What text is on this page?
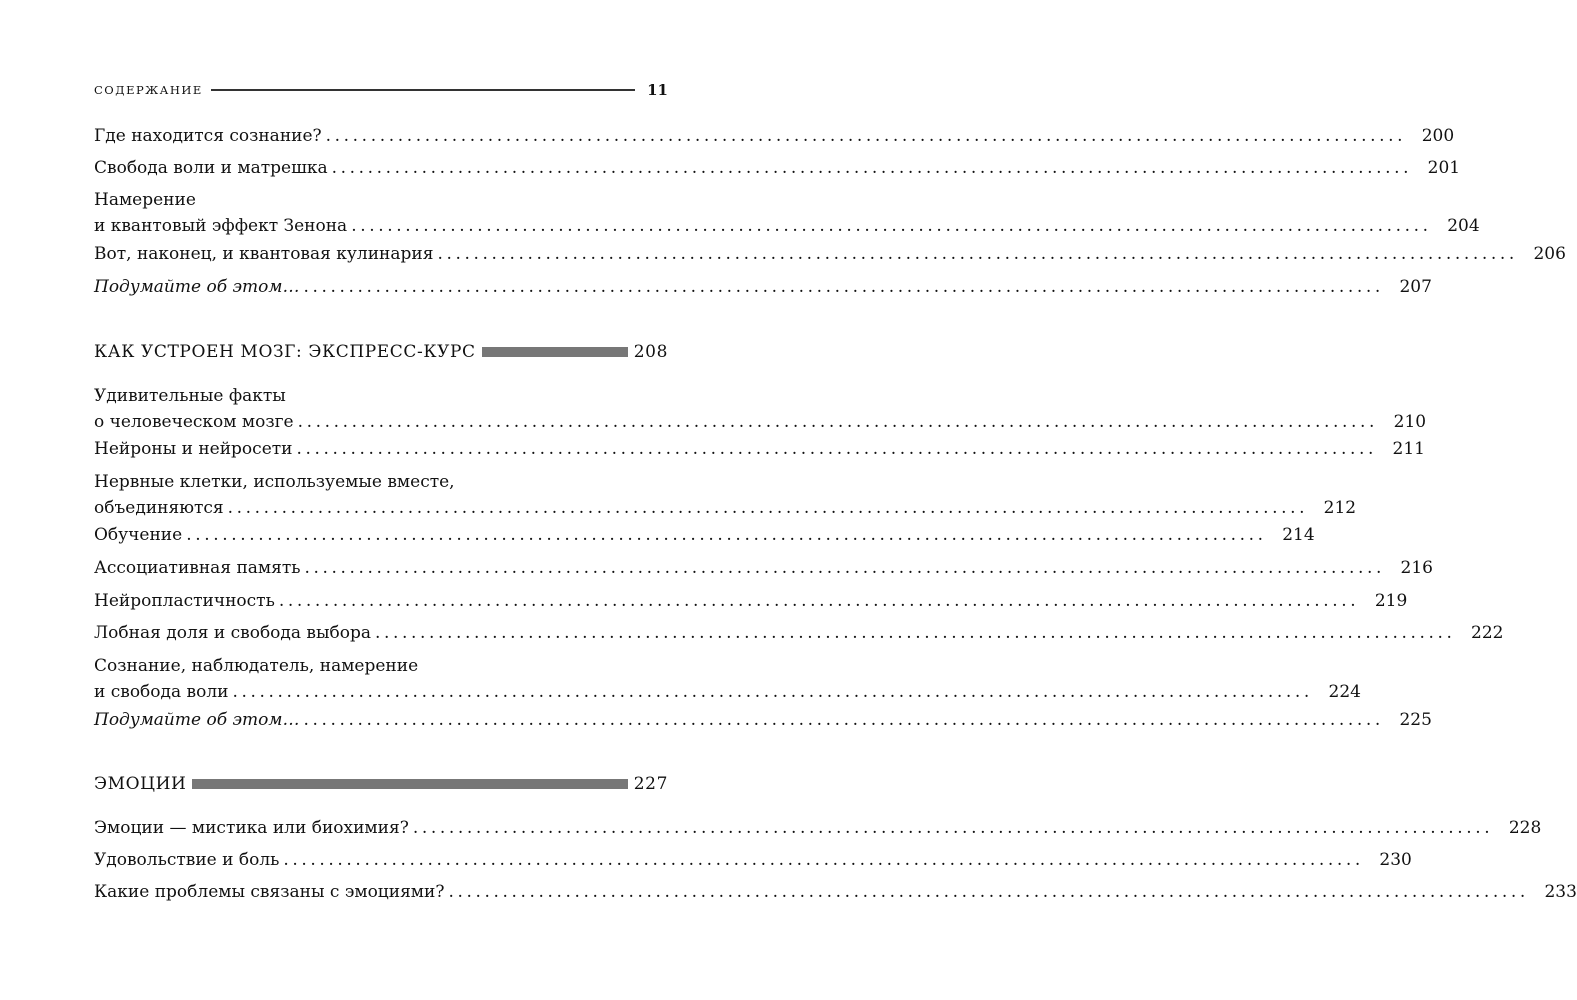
СОДЕРЖАНИЕ	11
Где находится сознание? ........................................................................................................................ 200
Свобода воли и матрешка ........................................................................................................................ 201
Намерение
и квантовый эффект Зенона ........................................................................................................................ 204
Вот, наконец, и квантовая кулинария ........................................................................................................................ 206
Подумайте об этом… ........................................................................................................................ 207
КАК УСТРОЕН МОЗГ: ЭКСПРЕСС-КУРС	208
Удивительные факты
о человеческом мозге ........................................................................................................................ 210
Нейроны и нейросети ........................................................................................................................ 211
Нервные клетки, используемые вместе,
объединяются ........................................................................................................................ 212
Обучение ........................................................................................................................ 214
Ассоциативная память ........................................................................................................................ 216
Нейропластичность ........................................................................................................................ 219
Лобная доля и свобода выбора ........................................................................................................................ 222
Сознание, наблюдатель, намерение
и свобода воли ........................................................................................................................ 224
Подумайте об этом… ........................................................................................................................ 225
ЭМОЦИИ	227
Эмоции — мистика или биохимия? ........................................................................................................................ 228
Удовольствие и боль ........................................................................................................................ 230
Какие проблемы связаны с эмоциями? ........................................................................................................................ 233
